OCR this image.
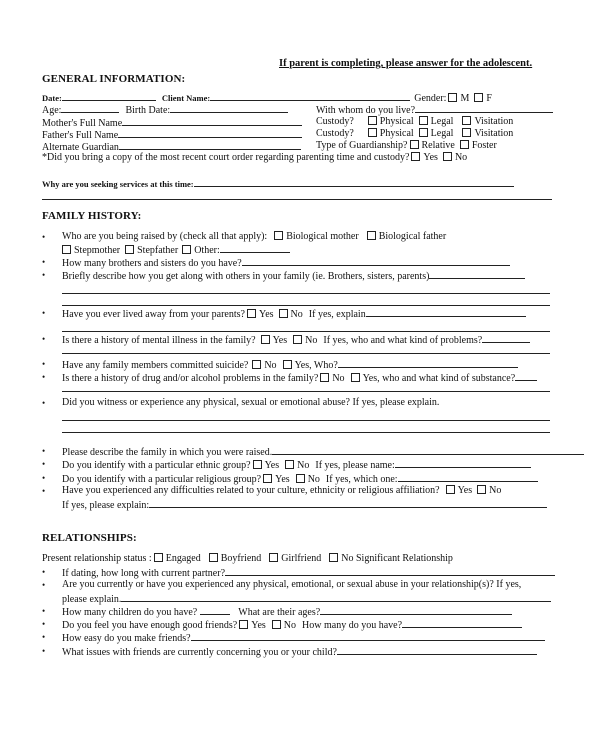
If parent is completing, please answer for the adolescent.
GENERAL INFORMATION:
Date:	Client Name:	Gender: M F
Age:	Birth Date:	With whom do you live?
Mother's Full Name	Custody?	Physical Legal Visitation
Father's Full Name	Custody?	Physical Legal Visitation
Alternate Guardian	Type of Guardianship? Relative Foster
*Did you bring a copy of the most recent court order regarding parenting time and custody? Yes No
Why are you seeking services at this time:
FAMILY HISTORY:
• Who are you being raised by (check all that apply): Biological mother Biological father
Stepmother Stepfather Other:
• How many brothers and sisters do you have?
• Briefly describe how you get along with others in your family (ie. Brothers, sisters, parents)
• Have you ever lived away from your parents? Yes No If yes, explain
• Is there a history of mental illness in the family? Yes No If yes, who and what kind of problems?
• Have any family members committed suicide? No Yes, Who?
• Is there a history of drug and/or alcohol problems in the family? No Yes, who and what kind of substance?
• Did you witness or experience any physical, sexual or emotional abuse? If yes, please explain.
• Please describe the family in which you were raised.
• Do you identify with a particular ethnic group? Yes No If yes, please name:
• Do you identify with a particular religious group? Yes No If yes, which one:
• Have you experienced any difficulties related to your culture, ethnicity or religious affiliation? Yes No
If yes, please explain:
RELATIONSHIPS:
Present relationship status : Engaged Boyfriend Girlfriend No Significant Relationship
• If dating, how long with current partner?
• Are you currently or have you experienced any physical, emotional, or sexual abuse in your relationship(s)? If yes,
please explain.
• How many children do you have?	What are their ages?
• Do you feel you have enough good friends? Yes No How many do you have?
• How easy do you make friends?
• What issues with friends are currently concerning you or your child?
